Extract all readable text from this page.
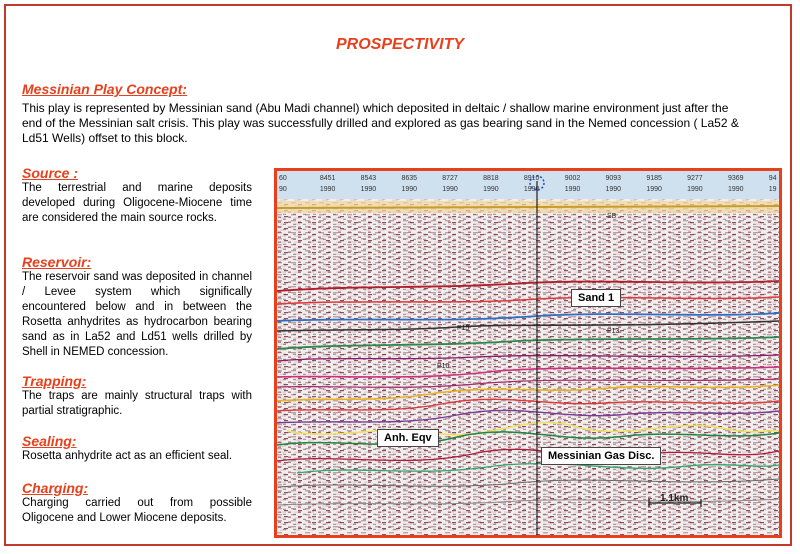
PROSPECTIVITY
Messinian Play Concept:
This play is represented by Messinian sand (Abu Madi channel) which deposited in deltaic / shallow marine environment just after the
end of the Messinian salt crisis. This play was successfully drilled and explored as gas bearing sand in the Nemed concession ( La52 &
Ld51 Wells) offset to this block.
Source :
The terrestrial and marine deposits developed during Oligocene-Miocene time are considered the main source rocks.
Reservoir:
The reservoir sand was deposited in channel / Levee system which significally encountered below and in between the Rosetta anhydrites as hydrocarbon bearing sand as in La52 and Ld51 wells drilled by Shell in NEMED concession.
Trapping:
The traps are mainly structural traps with partial stratigraphic.
Sealing:
Rosetta anhydrite act as an efficient seal.
Charging:
Charging carried out from possible Oligocene and Lower Miocene deposits.
60
90
8451
1990
8543
1990
8635
1990
8727
1990
8818
1990
8910
1990
9002
1990
9093
1990
9185
1990
9277
1990
9369
1990
94
19
SB
P15	P13
P10
1.1km
Sand 1
Anh. Eqv
Messinian Gas Disc.
